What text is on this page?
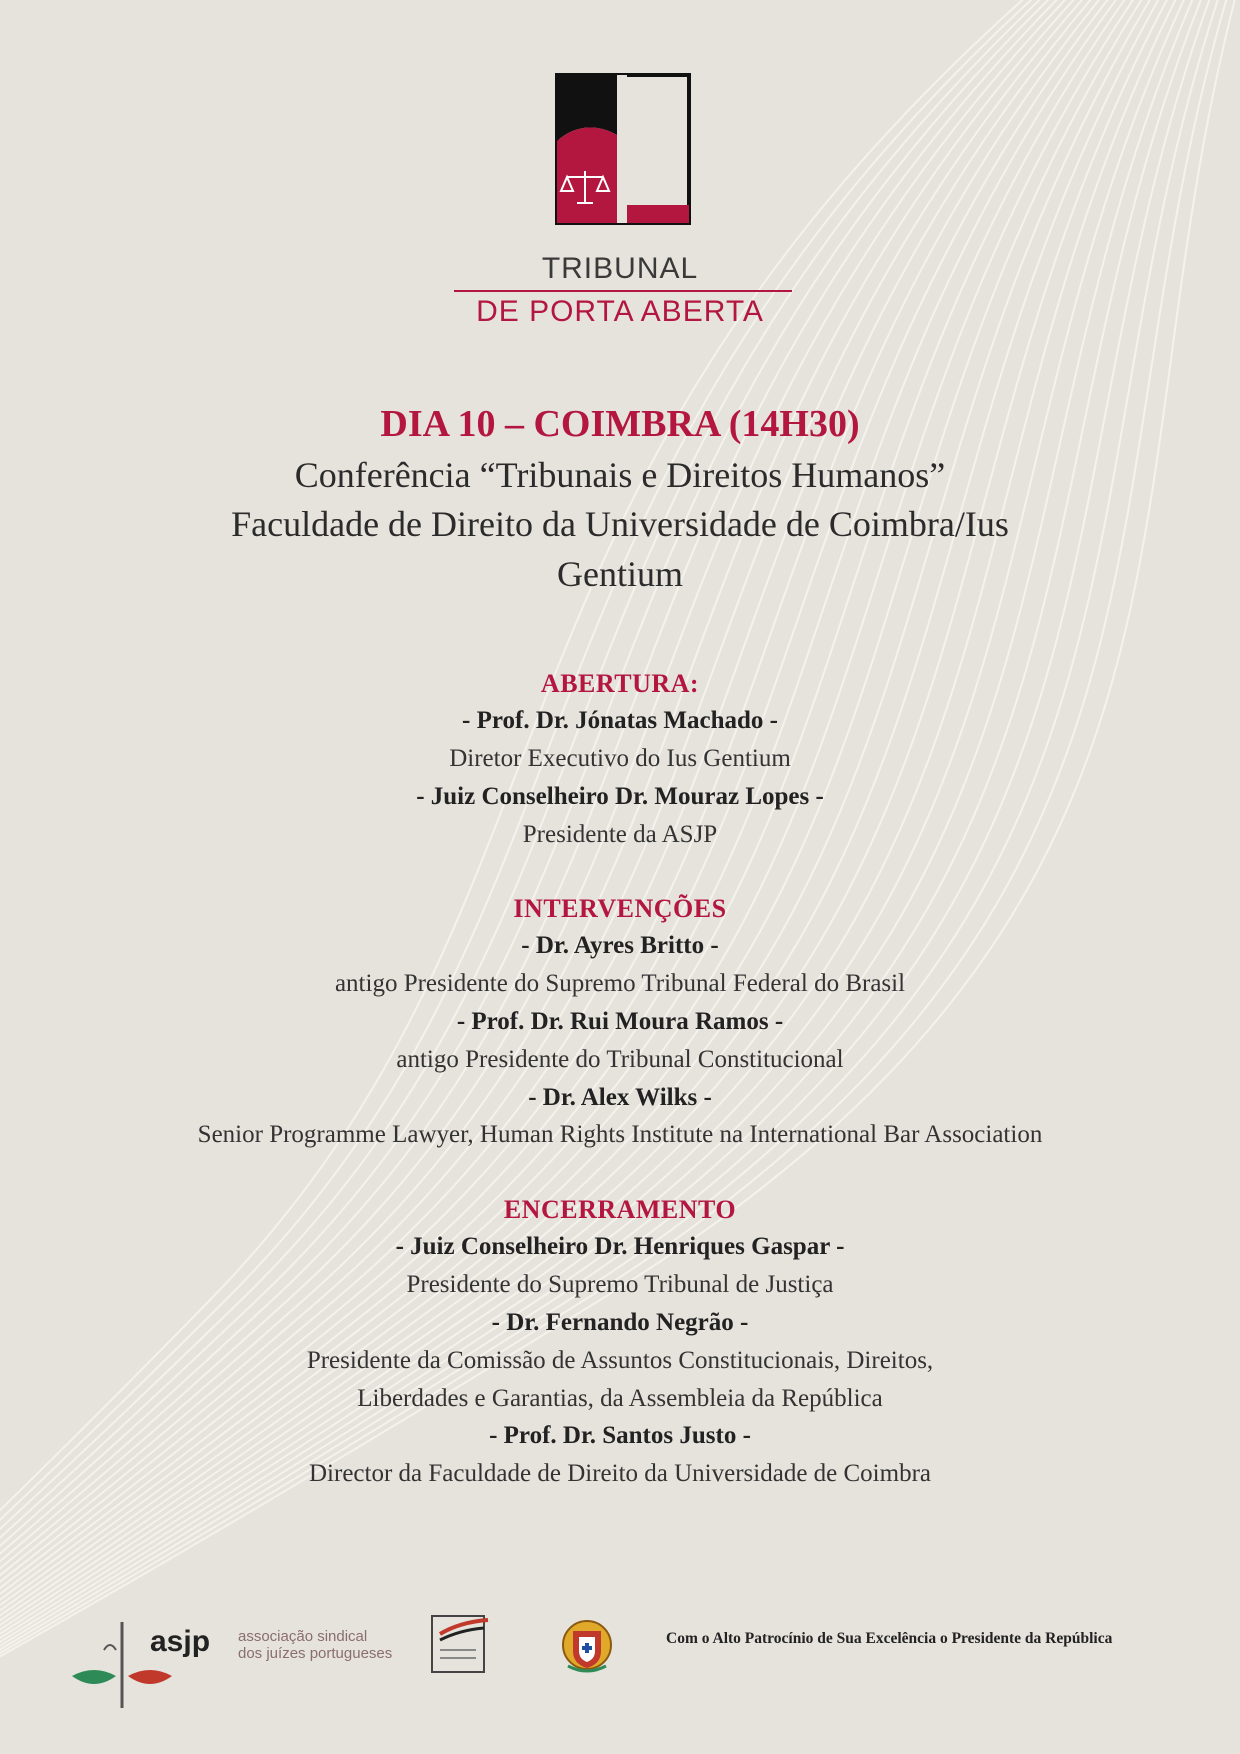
TRIBUNAL
DE PORTA ABERTA
DIA 10 – COIMBRA (14H30)
Conferência “Tribunais e Direitos Humanos”
Faculdade de Direito da Universidade de Coimbra/Ius
Gentium
ABERTURA:
- Prof. Dr. Jónatas Machado -
Diretor Executivo do Ius Gentium
- Juiz Conselheiro Dr. Mouraz Lopes -
Presidente da ASJP
INTERVENÇÕES
- Dr. Ayres Britto -
antigo Presidente do Supremo Tribunal Federal do Brasil
- Prof. Dr. Rui Moura Ramos -
antigo Presidente do Tribunal Constitucional
- Dr. Alex Wilks -
Senior Programme Lawyer, Human Rights Institute na International Bar Association
ENCERRAMENTO
- Juiz Conselheiro Dr. Henriques Gaspar -
Presidente do Supremo Tribunal de Justiça
- Dr. Fernando Negrão -
Presidente da Comissão de Assuntos Constitucionais, Direitos,
Liberdades e Garantias, da Assembleia da República
- Prof. Dr. Santos Justo -
Director da Faculdade de Direito da Universidade de Coimbra
asjp associação sindical
dos juízes portugueses
Com o Alto Patrocínio de Sua Excelência o Presidente da República
